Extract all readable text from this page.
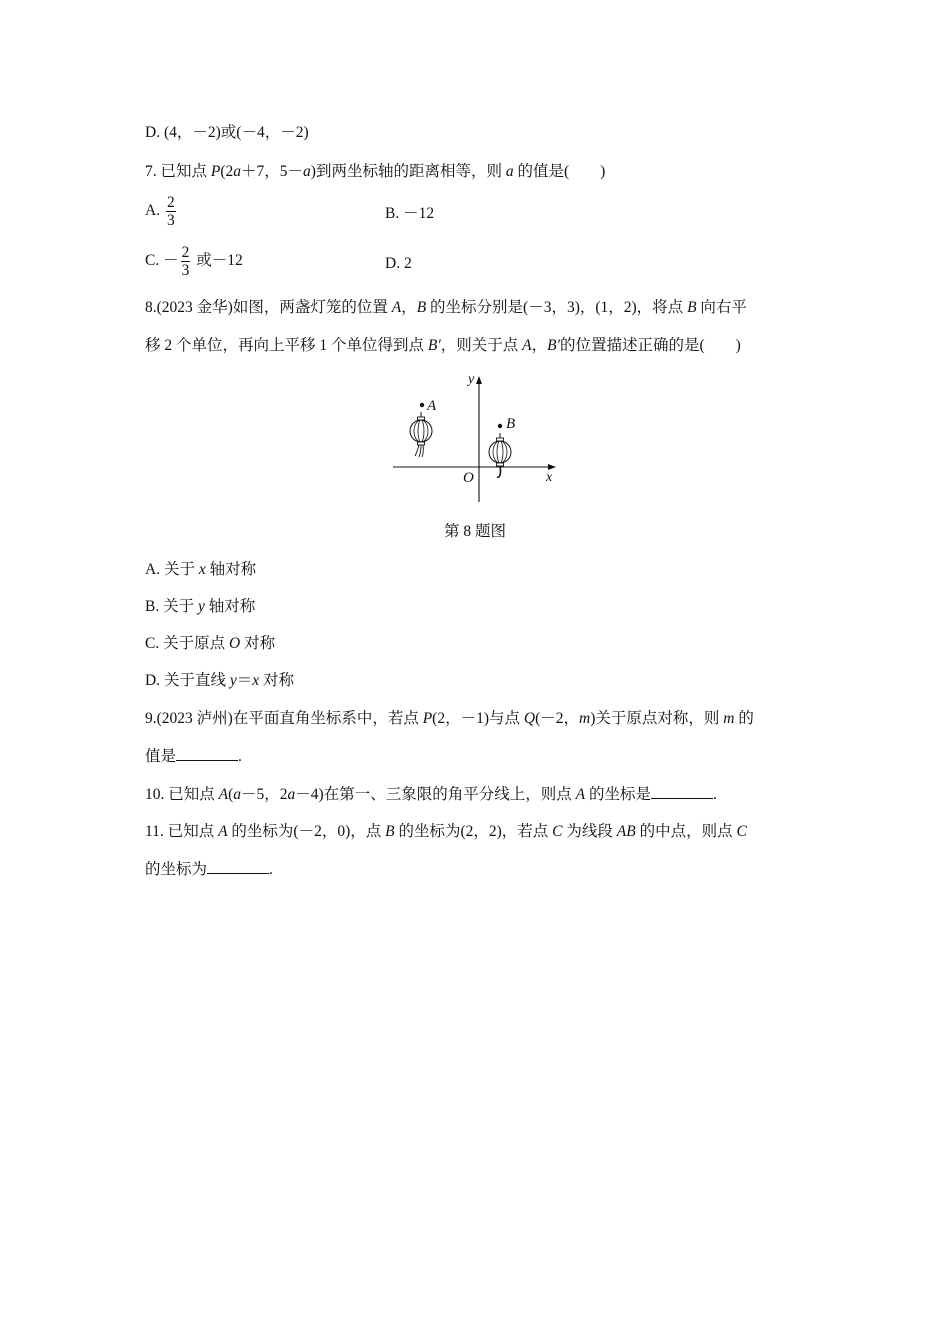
D. (4，－2)或(－4，－2)
7. 已知点 P(2a＋7，5－a)到两坐标轴的距离相等，则 a 的值是(　　)
A. $\frac{2}{3}$	B. －12
C. － $\frac{2}{3}$ 或－12	D. 2
8.(2023 金华)如图，两盏灯笼的位置 A，B 的坐标分别是(－3，3)，(1，2)，将点 B 向右平
移 2 个单位，再向上平移 1 个单位得到点 B′，则关于点 A，B′的位置描述正确的是(　　)
A
B
O	x
y
第 8 题图
A. 关于 x 轴对称
B. 关于 y 轴对称
C. 关于原点 O 对称
D. 关于直线 y＝x 对称
9.(2023 泸州)在平面直角坐标系中，若点 P(2，－1)与点 Q(－2，m)关于原点对称，则 m 的
值是	.
10. 已知点 A(a－5，2a－4)在第一、三象限的角平分线上，则点 A 的坐标是	.
11. 已知点 A 的坐标为(－2，0)，点 B 的坐标为(2，2)，若点 C 为线段 AB 的中点，则点 C
的坐标为	.
